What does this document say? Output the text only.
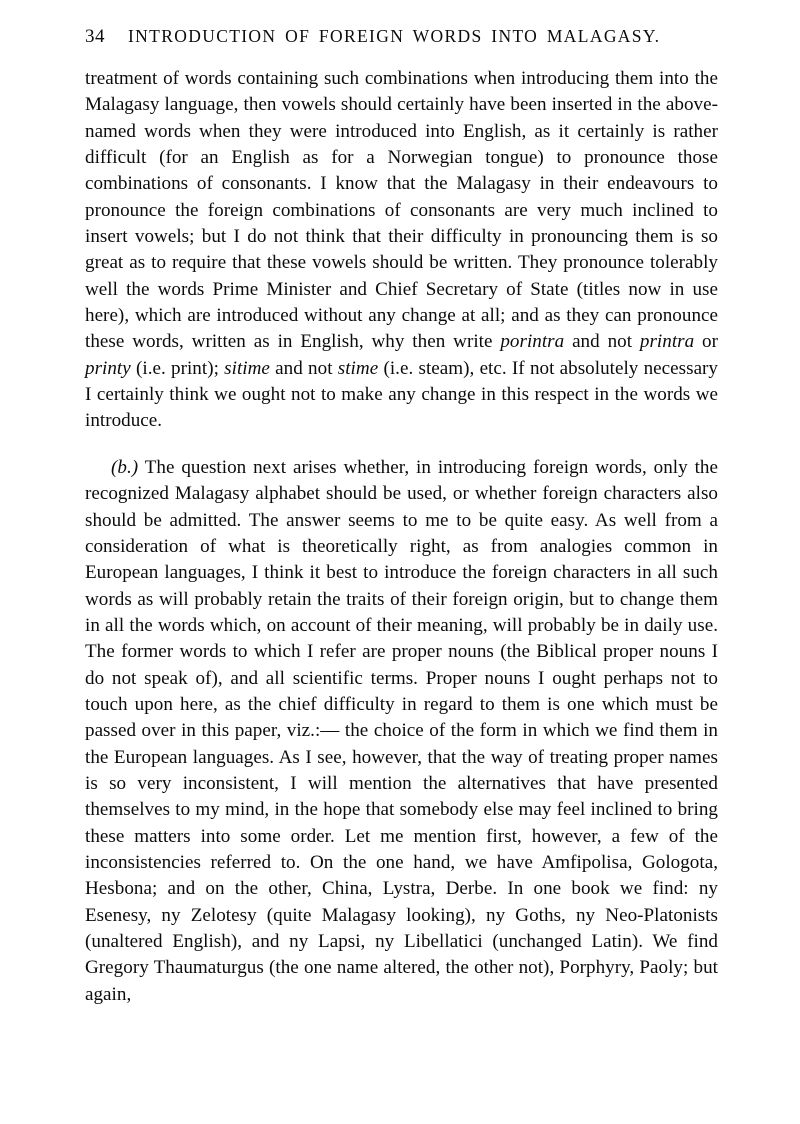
34 INTRODUCTION OF FOREIGN WORDS INTO MALAGASY.

treatment of words containing such combinations when introducing them into the Malagasy language, then vowels should certainly have been inserted in the above-named words when they were introduced into English, as it certainly is rather difficult (for an English as for a Norwegian tongue) to pronounce those combinations of consonants. I know that the Malagasy in their endeavours to pronounce the foreign combinations of consonants are very much inclined to insert vowels; but I do not think that their difficulty in pronouncing them is so great as to require that these vowels should be written. They pronounce tolerably well the words Prime Minister and Chief Secretary of State (titles now in use here), which are introduced without any change at all; and as they can pronounce these words, written as in English, why then write porintra and not printra or printy (i.e. print); sitime and not stime (i.e. steam), etc. If not absolutely necessary I certainly think we ought not to make any change in this respect in the words we introduce.

(b.) The question next arises whether, in introducing foreign words, only the recognized Malagasy alphabet should be used, or whether foreign characters also should be admitted. The answer seems to me to be quite easy. As well from a consideration of what is theoretically right, as from analogies common in European languages, I think it best to introduce the foreign characters in all such words as will probably retain the traits of their foreign origin, but to change them in all the words which, on account of their meaning, will probably be in daily use. The former words to which I refer are proper nouns (the Biblical proper nouns I do not speak of), and all scientific terms. Proper nouns I ought perhaps not to touch upon here, as the chief difficulty in regard to them is one which must be passed over in this paper, viz.:— the choice of the form in which we find them in the European languages. As I see, however, that the way of treating proper names is so very inconsistent, I will mention the alternatives that have presented themselves to my mind, in the hope that somebody else may feel inclined to bring these matters into some order. Let me mention first, however, a few of the inconsistencies referred to. On the one hand, we have Amfipolisa, Gologota, Hesbona; and on the other, China, Lystra, Derbe. In one book we find: ny Esenesy, ny Zelotesy (quite Malagasy looking), ny Goths, ny Neo-Platonists (unaltered English), and ny Lapsi, ny Libellatici (unchanged Latin). We find Gregory Thaumaturgus (the one name altered, the other not), Porphyry, Paoly; but again,
